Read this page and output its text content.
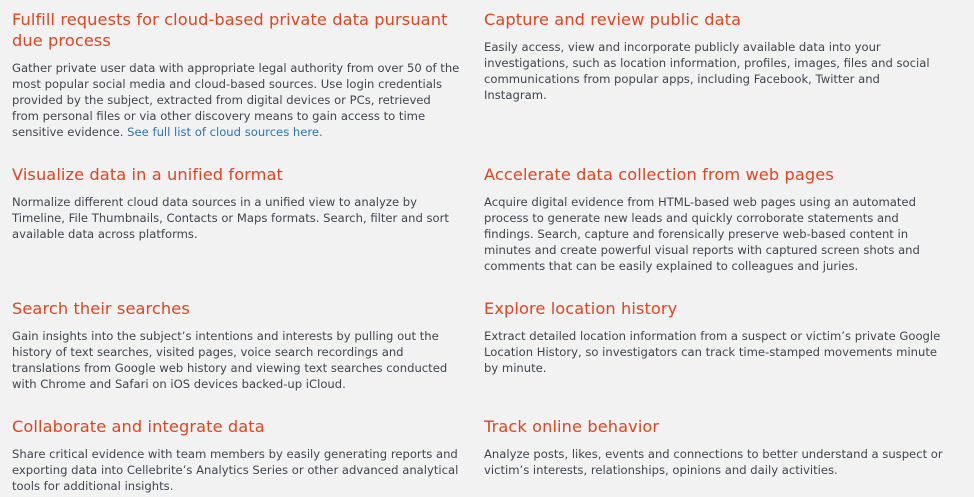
Fulfill requests for cloud-based private data pursuant due process

Gather private user data with appropriate legal authority from over 50 of the most popular social media and cloud-based sources. Use login credentials provided by the subject, extracted from digital devices or PCs, retrieved from personal files or via other discovery means to gain access to time sensitive evidence. See full list of cloud sources here.

Capture and review public data

Easily access, view and incorporate publicly available data into your investigations, such as location information, profiles, images, files and social communications from popular apps, including Facebook, Twitter and Instagram.

Visualize data in a unified format

Normalize different cloud data sources in a unified view to analyze by Timeline, File Thumbnails, Contacts or Maps formats. Search, filter and sort available data across platforms.

Accelerate data collection from web pages

Acquire digital evidence from HTML-based web pages using an automated process to generate new leads and quickly corroborate statements and findings. Search, capture and forensically preserve web-based content in minutes and create powerful visual reports with captured screen shots and comments that can be easily explained to colleagues and juries.

Search their searches

Gain insights into the subject’s intentions and interests by pulling out the history of text searches, visited pages, voice search recordings and translations from Google web history and viewing text searches conducted with Chrome and Safari on iOS devices backed-up iCloud.

Explore location history

Extract detailed location information from a suspect or victim’s private Google Location History, so investigators can track time-stamped movements minute by minute.

Collaborate and integrate data

Share critical evidence with team members by easily generating reports and exporting data into Cellebrite’s Analytics Series or other advanced analytical tools for additional insights.

Track online behavior

Analyze posts, likes, events and connections to better understand a suspect or victim’s interests, relationships, opinions and daily activities.
